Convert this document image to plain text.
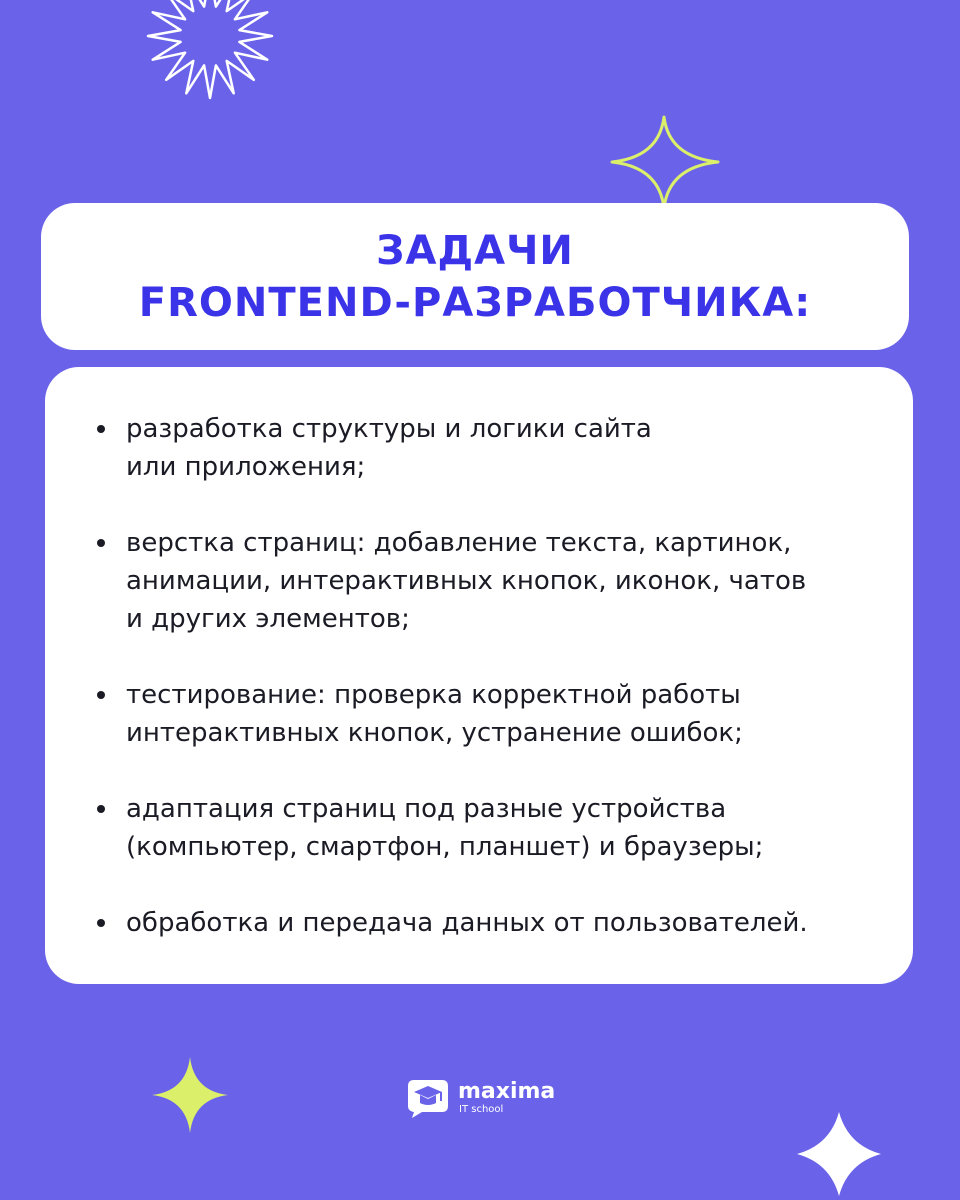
ЗАДАЧИ
FRONTEND-РАЗРАБОТЧИКА:
разработка структуры и логики сайта
или приложения;
верстка страниц: добавление текста, картинок,
анимации, интерактивных кнопок, иконок, чатов
и других элементов;
тестирование: проверка корректной работы
интерактивных кнопок, устранение ошибок;
адаптация страниц под разные устройства
(компьютер, смартфон, планшет) и браузеры;
обработка и передача данных от пользователей.
maxima
IT school
